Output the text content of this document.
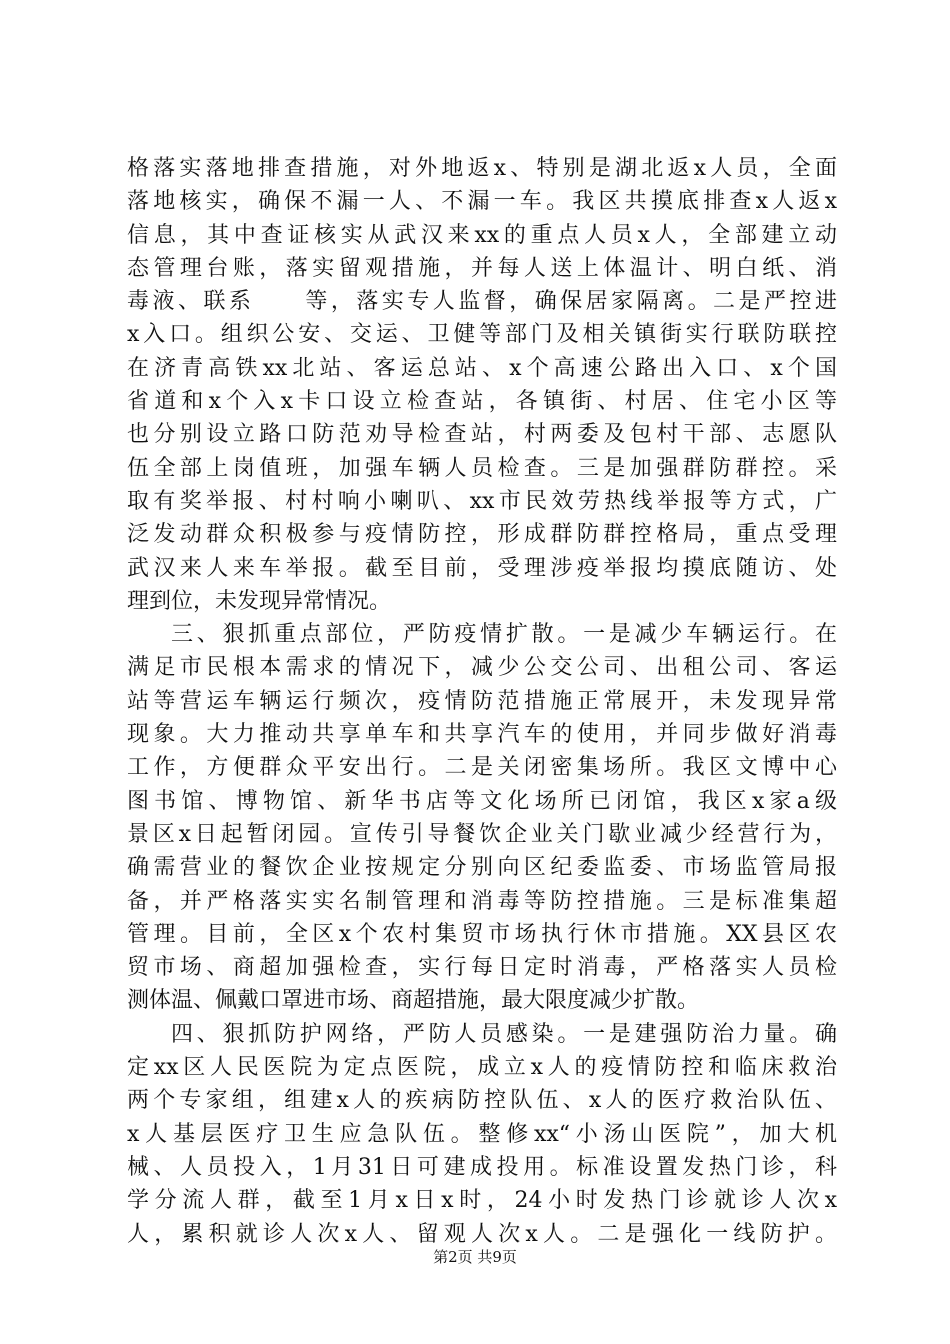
格落实落地排查措施，对外地返x、特别是湖北返x人员，全面
落地核实，确保不漏一人、不漏一车。我区共摸底排查x人返x
信息，其中查证核实从武汉来xx的重点人员x人，全部建立动
态管理台账，落实留观措施，并每人送上体温计、明白纸、消
毒液、联系　　等，落实专人监督，确保居家隔离。二是严控进
x入口。组织公安、交运、卫健等部门及相关镇街实行联防联控
在济青高铁xx北站、客运总站、x个高速公路出入口、x个国
省道和x个入x卡口设立检查站，各镇街、村居、住宅小区等
也分别设立路口防范劝导检查站，村两委及包村干部、志愿队
伍全部上岗值班，加强车辆人员检查。三是加强群防群控。采
取有奖举报、村村响小喇叭、xx市民效劳热线举报等方式，广
泛发动群众积极参与疫情防控，形成群防群控格局，重点受理
武汉来人来车举报。截至目前，受理涉疫举报均摸底随访、处
理到位，未发现异常情况。
三、狠抓重点部位，严防疫情扩散。一是减少车辆运行。在
满足市民根本需求的情况下，减少公交公司、出租公司、客运
站等营运车辆运行频次，疫情防范措施正常展开，未发现异常
现象。大力推动共享单车和共享汽车的使用，并同步做好消毒
工作，方便群众平安出行。二是关闭密集场所。我区文博中心
图书馆、博物馆、新华书店等文化场所已闭馆，我区x家a级
景区x日起暂闭园。宣传引导餐饮企业关门歇业减少经营行为，
确需营业的餐饮企业按规定分别向区纪委监委、市场监管局报
备，并严格落实实名制管理和消毒等防控措施。三是标准集超
管理。目前，全区x个农村集贸市场执行休市措施。XX县区农
贸市场、商超加强检查，实行每日定时消毒，严格落实人员检
测体温、佩戴口罩进市场、商超措施，最大限度减少扩散。
四、狠抓防护网络，严防人员感染。一是建强防治力量。确
定xx区人民医院为定点医院，成立x人的疫情防控和临床救治
两个专家组，组建x人的疾病防控队伍、x人的医疗救治队伍、
x人基层医疗卫生应急队伍。整修xx“小汤山医院”，加大机
械、人员投入，1月31日可建成投用。标准设置发热门诊，科
学分流人群，截至1月x日x时，24小时发热门诊就诊人次x
人，累积就诊人次x人、留观人次x人。二是强化一线防护。
第2页 共9页
